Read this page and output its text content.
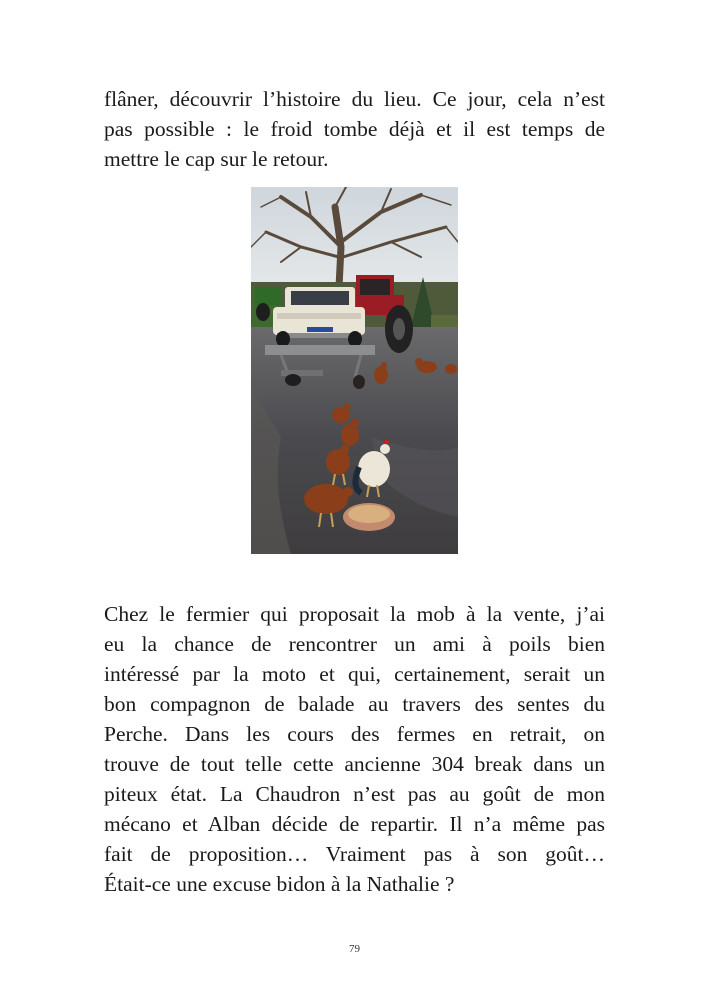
flâner, découvrir l’histoire du lieu. Ce jour, cela n’est
pas possible : le froid tombe déjà et il est temps de
mettre le cap sur le retour.
Chez le fermier qui proposait la mob à la vente, j’ai
eu la chance de rencontrer un ami à poils bien
intéressé par la moto et qui, certainement, serait un
bon compagnon de balade au travers des sentes du
Perche. Dans les cours des fermes en retrait, on
trouve de tout telle cette ancienne 304 break dans un
piteux état. La Chaudron n’est pas au goût de mon
mécano et Alban décide de repartir. Il n’a même pas
fait de proposition… Vraiment pas à son goût…
Était-ce une excuse bidon à la Nathalie ?
79
